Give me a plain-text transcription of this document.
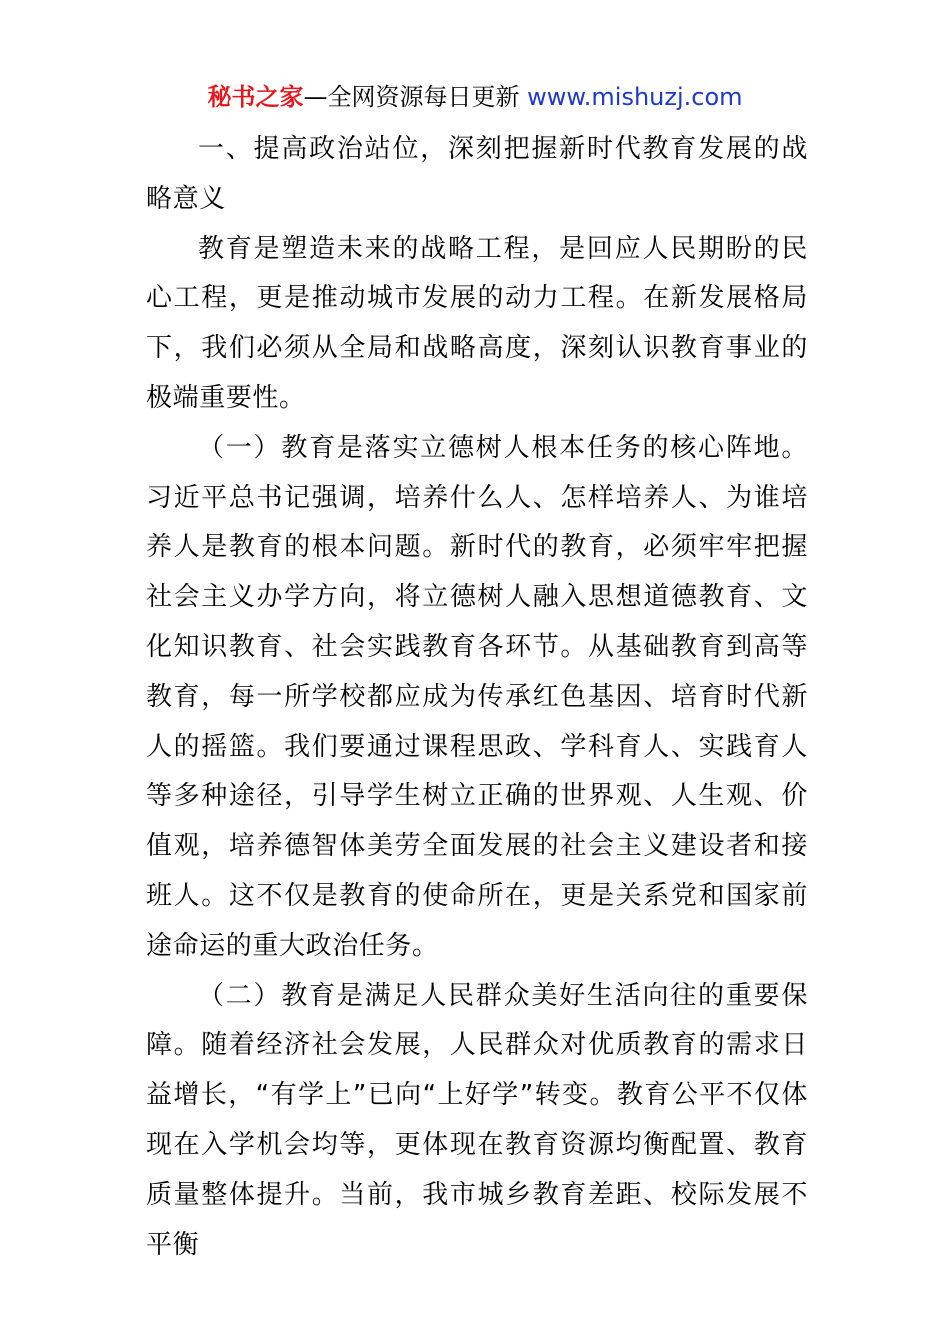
秘书之家—全网资源每日更新 www.mishuzj.com

一、提高政治站位，深刻把握新时代教育发展的战略意义

教育是塑造未来的战略工程，是回应人民期盼的民心工程，更是推动城市发展的动力工程。在新发展格局下，我们必须从全局和战略高度，深刻认识教育事业的极端重要性。

（一）教育是落实立德树人根本任务的核心阵地。习近平总书记强调，培养什么人、怎样培养人、为谁培养人是教育的根本问题。新时代的教育，必须牢牢把握社会主义办学方向，将立德树人融入思想道德教育、文化知识教育、社会实践教育各环节。从基础教育到高等教育，每一所学校都应成为传承红色基因、培育时代新人的摇篮。我们要通过课程思政、学科育人、实践育人等多种途径，引导学生树立正确的世界观、人生观、价值观，培养德智体美劳全面发展的社会主义建设者和接班人。这不仅是教育的使命所在，更是关系党和国家前途命运的重大政治任务。

（二）教育是满足人民群众美好生活向往的重要保障。随着经济社会发展，人民群众对优质教育的需求日益增长，“有学上”已向“上好学”转变。教育公平不仅体现在入学机会均等，更体现在教育资源均衡配置、教育质量整体提升。当前，我市城乡教育差距、校际发展不平衡
